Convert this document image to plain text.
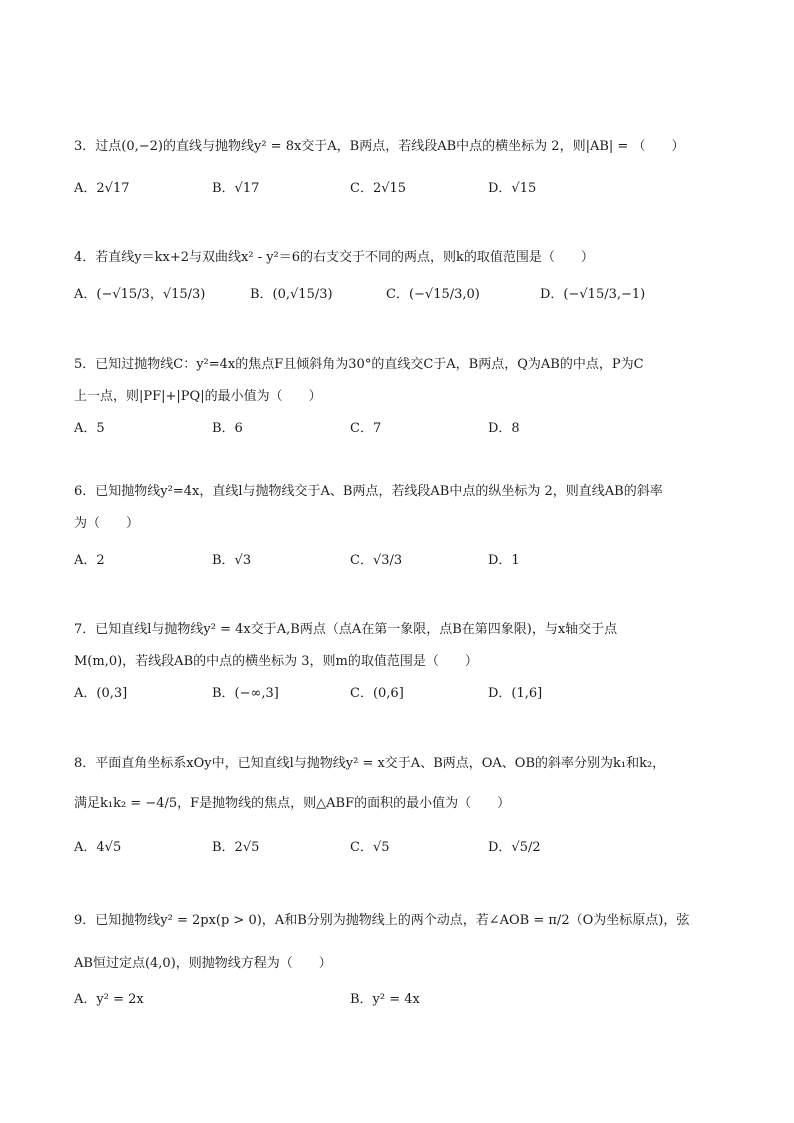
3．过点(0,−2)的直线与抛物线y² = 8x交于A，B两点，若线段AB中点的横坐标为 2，则|AB| = （　　）
A．2√17	B．√17	C．2√15	D．√15
4．若直线y＝kx+2与双曲线x² - y²＝6的右支交于不同的两点，则k的取值范围是（　　）
A．(−√15/3，√15/3)	B．(0,√15/3)	C．(−√15/3,0)	D．(−√15/3,−1)
5．已知过抛物线C：y²=4x的焦点F且倾斜角为30°的直线交C于A，B两点，Q为AB的中点，P为C
上一点，则|PF|+|PQ|的最小值为（　　）
A．5	B．6	C．7	D．8
6．已知抛物线y²=4x，直线l与抛物线交于A、B两点，若线段AB中点的纵坐标为 2，则直线AB的斜率
为（　　）
A．2	B．√3	C．√3/3	D．1
7．已知直线l与抛物线y² = 4x交于A,B两点（点A在第一象限，点B在第四象限)，与x轴交于点
M(m,0)，若线段AB的中点的横坐标为 3，则m的取值范围是（　　）
A．(0,3]	B．(−∞,3]	C．(0,6]	D．(1,6]
8．平面直角坐标系xOy中，已知直线l与抛物线y² = x交于A、B两点，OA、OB的斜率分别为k₁和k₂，
满足k₁k₂ = −4/5，F是抛物线的焦点，则△ABF的面积的最小值为（　　）
A．4√5	B．2√5	C．√5	D．√5/2
9．已知抛物线y² = 2px(p > 0)，A和B分别为抛物线上的两个动点，若∠AOB = π/2（O为坐标原点)，弦
AB恒过定点(4,0)，则抛物线方程为（　　）
A．y² = 2x	B．y² = 4x
